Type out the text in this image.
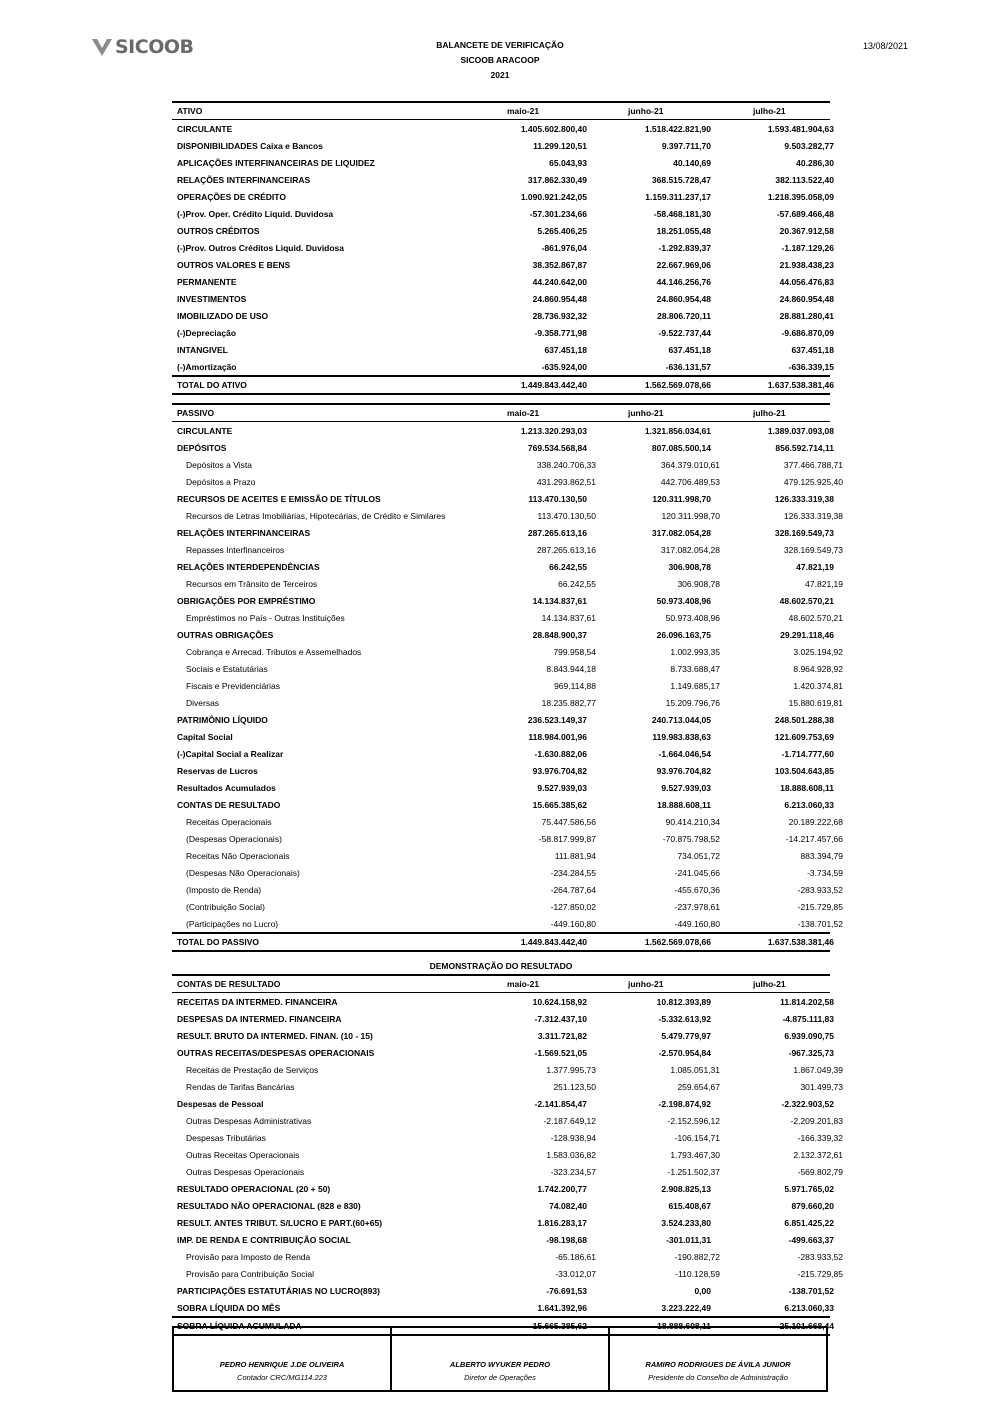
SICOOB	13/08/2021
BALANCETE DE VERIFICAÇÃO
SICOOB ARACOOP
2021
ATIVO	maio-21	junho-21	julho-21
CIRCULANTE	1.405.602.800,40	1.518.422.821,90	1.593.481.904,63
DISPONIBILIDADES Caixa e Bancos	11.299.120,51	9.397.711,70	9.503.282,77
APLICAÇÕES INTERFINANCEIRAS DE LIQUIDEZ	65.043,93	40.140,69	40.286,30
RELAÇÕES INTERFINANCEIRAS	317.862.330,49	368.515.728,47	382.113.522,40
OPERAÇÕES DE CRÉDITO	1.090.921.242,05	1.159.311.237,17	1.218.395.058,09
(-)Prov. Oper. Crédito Liquid. Duvidosa	-57.301.234,66	-58.468.181,30	-57.689.466,48
OUTROS CRÉDITOS	5.265.406,25	18.251.055,48	20.367.912,58
(-)Prov. Outros Créditos Liquid. Duvidosa	-861.976,04	-1.292.839,37	-1.187.129,26
OUTROS VALORES E BENS	38.352.867,87	22.667.969,06	21.938.438,23
PERMANENTE	44.240.642,00	44.146.256,76	44.056.476,83
INVESTIMENTOS	24.860.954,48	24.860.954,48	24.860.954,48
IMOBILIZADO DE USO	28.736.932,32	28.806.720,11	28.881.280,41
(-)Depreciação	-9.358.771,98	-9.522.737,44	-9.686.870,09
INTANGIVEL	637.451,18	637.451,18	637.451,18
(-)Amortização	-635.924,00	-636.131,57	-636.339,15
TOTAL DO ATIVO	1.449.843.442,40	1.562.569.078,66	1.637.538.381,46
PASSIVO	maio-21	junho-21	julho-21
CIRCULANTE	1.213.320.293,03	1.321.856.034,61	1.389.037.093,08
DEPÓSITOS	769.534.568,84	807.085.500,14	856.592.714,11
Depósitos a Vista	338.240.706,33	364.379.010,61	377.466.788,71
Depósitos a Prazo	431.293.862,51	442.706.489,53	479.125.925,40
RECURSOS DE ACEITES E EMISSÃO DE TÍTULOS	113.470.130,50	120.311.998,70	126.333.319,38
Recursos de Letras Imobiliárias, Hipotecárias, de Crédito e Similares	113.470.130,50	120.311.998,70	126.333.319,38
RELAÇÕES INTERFINANCEIRAS	287.265.613,16	317.082.054,28	328.169.549,73
Repasses Interfinanceiros	287.265.613,16	317.082.054,28	328.169.549,73
RELAÇÕES INTERDEPENDÊNCIAS	66.242,55	306.908,78	47.821,19
Recursos em Trânsito de Terceiros	66.242,55	306.908,78	47.821,19
OBRIGAÇÕES POR EMPRÉSTIMO	14.134.837,61	50.973.408,96	48.602.570,21
Empréstimos no País - Outras Instituições	14.134.837,61	50.973.408,96	48.602.570,21
OUTRAS OBRIGAÇÕES	28.848.900,37	26.096.163,75	29.291.118,46
Cobrança e Arrecad. Tributos e Assemelhados	799.958,54	1.002.993,35	3.025.194,92
Sociais e Estatutárias	8.843.944,18	8.733.688,47	8.964.928,92
Fiscais e Previdenciárias	969.114,88	1.149.685,17	1.420.374,81
Diversas	18.235.882,77	15.209.796,76	15.880.619,81
PATRIMÔNIO LÍQUIDO	236.523.149,37	240.713.044,05	248.501.288,38
Capital Social	118.984.001,96	119.983.838,63	121.609.753,69
(-)Capital Social a Realizar	-1.630.882,06	-1.664.046,54	-1.714.777,60
Reservas de Lucros	93.976.704,82	93.976.704,82	103.504.643,85
Resultados Acumulados	9.527.939,03	9.527.939,03	18.888.608,11
CONTAS DE RESULTADO	15.665.385,62	18.888.608,11	6.213.060,33
Receitas Operacionais	75.447.586,56	90.414.210,34	20.189.222,68
(Despesas Operacionais)	-58.817.999,87	-70.875.798,52	-14.217.457,66
Receitas Não Operacionais	111.881,94	734.051,72	883.394,79
(Despesas Não Operacionais)	-234.284,55	-241.045,66	-3.734,59
(Imposto de Renda)	-264.787,64	-455.670,36	-283.933,52
(Contribuição Social)	-127.850,02	-237.978,61	-215.729,85
(Participações no Lucro)	-449.160,80	-449.160,80	-138.701,52
TOTAL DO PASSIVO	1.449.843.442,40	1.562.569.078,66	1.637.538.381,46
DEMONSTRAÇÃO DO RESULTADO
CONTAS DE RESULTADO	maio-21	junho-21	julho-21
RECEITAS DA INTERMED. FINANCEIRA	10.624.158,92	10.812.393,89	11.814.202,58
DESPESAS DA INTERMED. FINANCEIRA	-7.312.437,10	-5.332.613,92	-4.875.111,83
RESULT. BRUTO DA INTERMED. FINAN. (10 - 15)	3.311.721,82	5.479.779,97	6.939.090,75
OUTRAS RECEITAS/DESPESAS OPERACIONAIS	-1.569.521,05	-2.570.954,84	-967.325,73
Receitas de Prestação de Serviços	1.377.995,73	1.085.051,31	1.867.049,39
Rendas de Tarifas Bancárias	251.123,50	259.654,67	301.499,73
Despesas de Pessoal	-2.141.854,47	-2.198.874,92	-2.322.903,52
Outras Despesas Administrativas	-2.187.649,12	-2.152.596,12	-2.209.201,83
Despesas Tributárias	-128.938,94	-106.154,71	-166.339,32
Outras Receitas Operacionais	1.583.036,82	1.793.467,30	2.132.372,61
Outras Despesas Operacionais	-323.234,57	-1.251.502,37	-569.802,79
RESULTADO OPERACIONAL (20 + 50)	1.742.200,77	2.908.825,13	5.971.765,02
RESULTADO NÃO OPERACIONAL (828 e 830)	74.082,40	615.408,67	879.660,20
RESULT. ANTES TRIBUT. S/LUCRO E PART.(60+65)	1.816.283,17	3.524.233,80	6.851.425,22
IMP. DE RENDA E CONTRIBUIÇÃO SOCIAL	-98.198,68	-301.011,31	-499.663,37
Provisão para Imposto de Renda	-65.186,61	-190.882,72	-283.933,52
Provisão para Contribuição Social	-33.012,07	-110.128,59	-215.729,85
PARTICIPAÇÕES ESTATUTÁRIAS NO LUCRO(893)	-76.691,53	0,00	-138.701,52
SOBRA LÍQUIDA DO MÊS	1.641.392,96	3.223.222,49	6.213.060,33
SOBRA LÍQUIDA ACUMULADA	15.665.385,62	18.888.608,11	25.101.668,44
PEDRO HENRIQUE J.DE OLIVEIRA
Contador CRC/MG114.223
ALBERTO WYUKER PEDRO
Diretor de Operações
RAMIRO RODRIGUES DE ÁVILA JUNIOR
Presidente do Conselho de Administração
